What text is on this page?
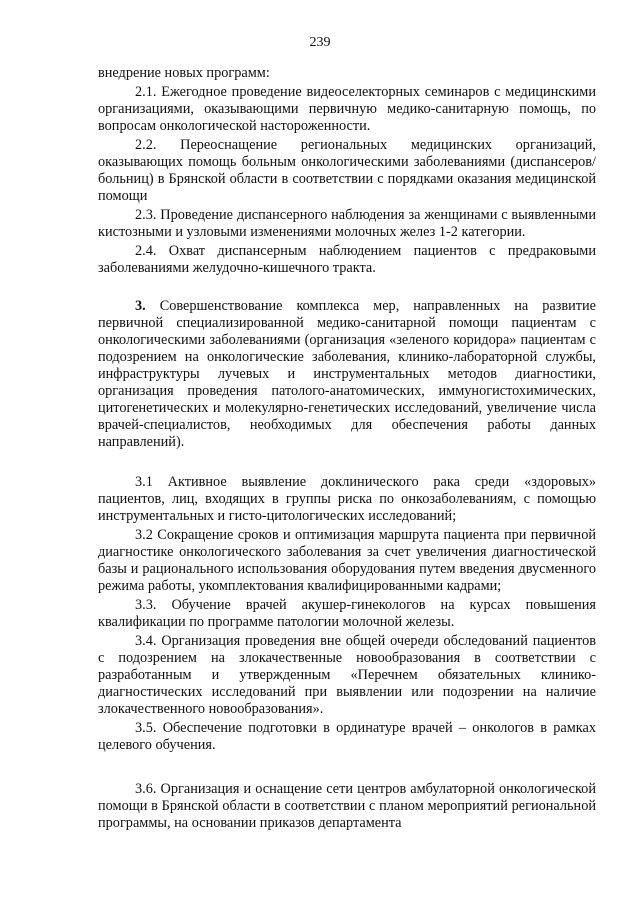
239

внедрение новых программ:

2.1. Ежегодное проведение видеоселекторных семинаров с медицинскими организациями, оказывающими первичную медико-санитарную помощь, по вопросам онкологической настороженности.

2.2. Переоснащение региональных медицинских организаций, оказывающих помощь больным онкологическими заболеваниями (диспансеров/больниц) в Брянской области в соответствии с порядками оказания медицинской помощи

2.3. Проведение диспансерного наблюдения за женщинами с выявленными кистозными и узловыми изменениями молочных желез 1-2 категории.

2.4. Охват диспансерным наблюдением пациентов с предраковыми заболеваниями желудочно-кишечного тракта.

3. Совершенствование комплекса мер, направленных на развитие первичной специализированной медико-санитарной помощи пациентам с онкологическими заболеваниями (организация «зеленого коридора» пациентам с подозрением на онкологические заболевания, клинико-лабораторной службы, инфраструктуры лучевых и инструментальных методов диагностики, организация проведения патолого-анатомических, иммуногистохимических, цитогенетических и молекулярно-генетических исследований, увеличение числа врачей-специалистов, необходимых для обеспечения работы данных направлений).

3.1 Активное выявление доклинического рака среди «здоровых» пациентов, лиц, входящих в группы риска по онкозаболеваниям, с помощью инструментальных и гисто-цитологических исследований;

3.2 Сокращение сроков и оптимизация маршрута пациента при первичной диагностике онкологического заболевания за счет увеличения диагностической базы и рационального использования оборудования путем введения двусменного режима работы, укомплектования квалифицированными кадрами;

3.3. Обучение врачей акушер-гинекологов на курсах повышения квалификации по программе патологии молочной железы.

3.4. Организация проведения вне общей очереди обследований пациентов с подозрением на злокачественные новообразования в соответствии с разработанным и утвержденным «Перечнем обязательных клинико-диагностических исследований при выявлении или подозрении на наличие злокачественного новообразования».

3.5. Обеспечение подготовки в ординатуре врачей – онкологов в рамках целевого обучения.

3.6. Организация и оснащение сети центров амбулаторной онкологической помощи в Брянской области в соответствии с планом мероприятий региональной программы, на основании приказов департамента
